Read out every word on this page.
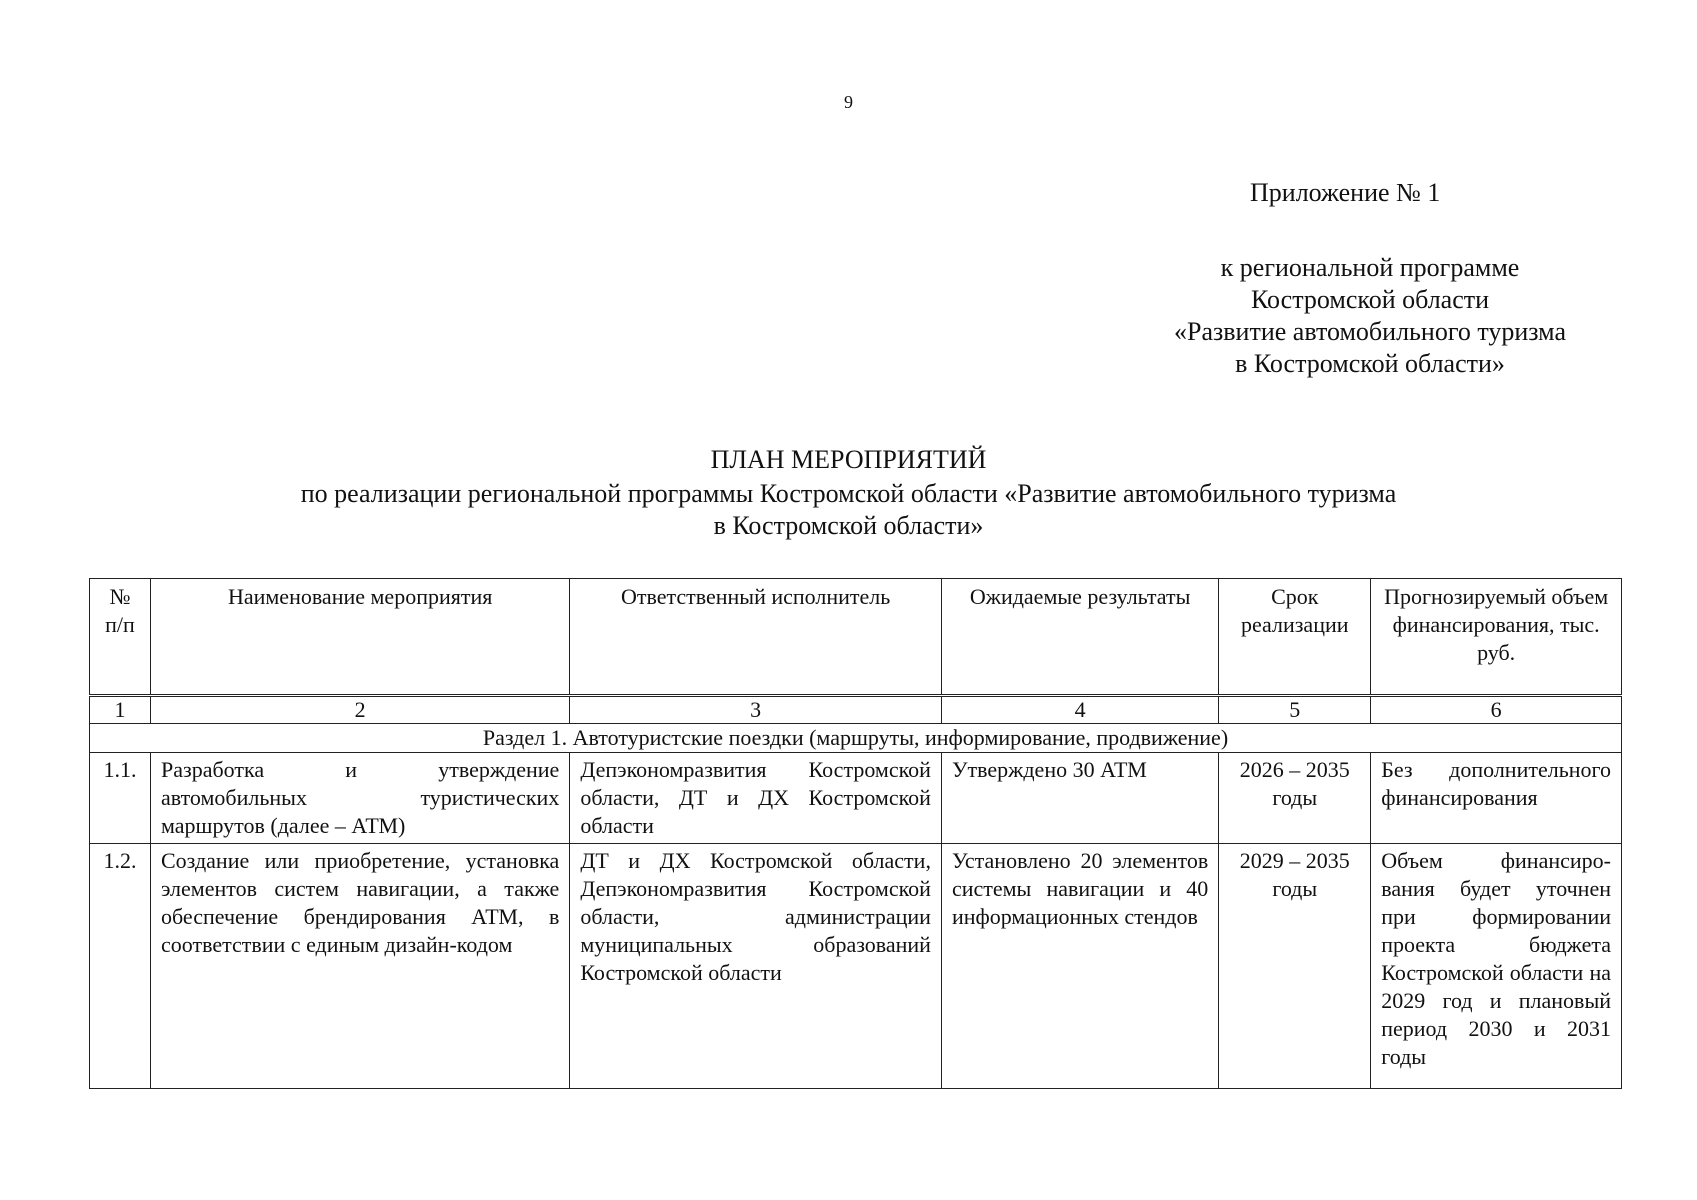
9
Приложение № 1
к региональной программе
Костромской области
«Развитие автомобильного туризма
в Костромской области»
ПЛАН МЕРОПРИЯТИЙ
по реализации региональной программы Костромской области «Развитие автомобильного туризма
в Костромской области»
№ п/п	Наименование мероприятия	Ответственный исполнитель	Ожидаемые результаты	Срок реализации	Прогнозируемый объем финансирования, тыс. руб.
1	2	3	4	5	6
Раздел 1. Автотуристские поездки (маршруты, информирование, продвижение)					
1.1.	Разработка и утверждение автомобильных туристических маршрутов (далее – АТМ)	Депэкономразвития Костромской области, ДТ и ДХ Костромской области	Утверждено 30 АТМ	2026 – 2035 годы	Без дополнительного финансирования
1.2.	Создание или приобретение, установка элементов систем навигации, а также обеспечение брендирования АТМ, в соответствии с единым дизайн-кодом	ДТ и ДХ Костромской области, Депэкономразвития Костромской области, администрации муниципальных образований Костромской области	Установлено 20 элементов системы навигации и 40 информационных стендов	2029 – 2035 годы	Объем финансиро-вания будет уточнен при формировании проекта бюджета Костромской области на 2029 год и плановый период 2030 и 2031 годы
